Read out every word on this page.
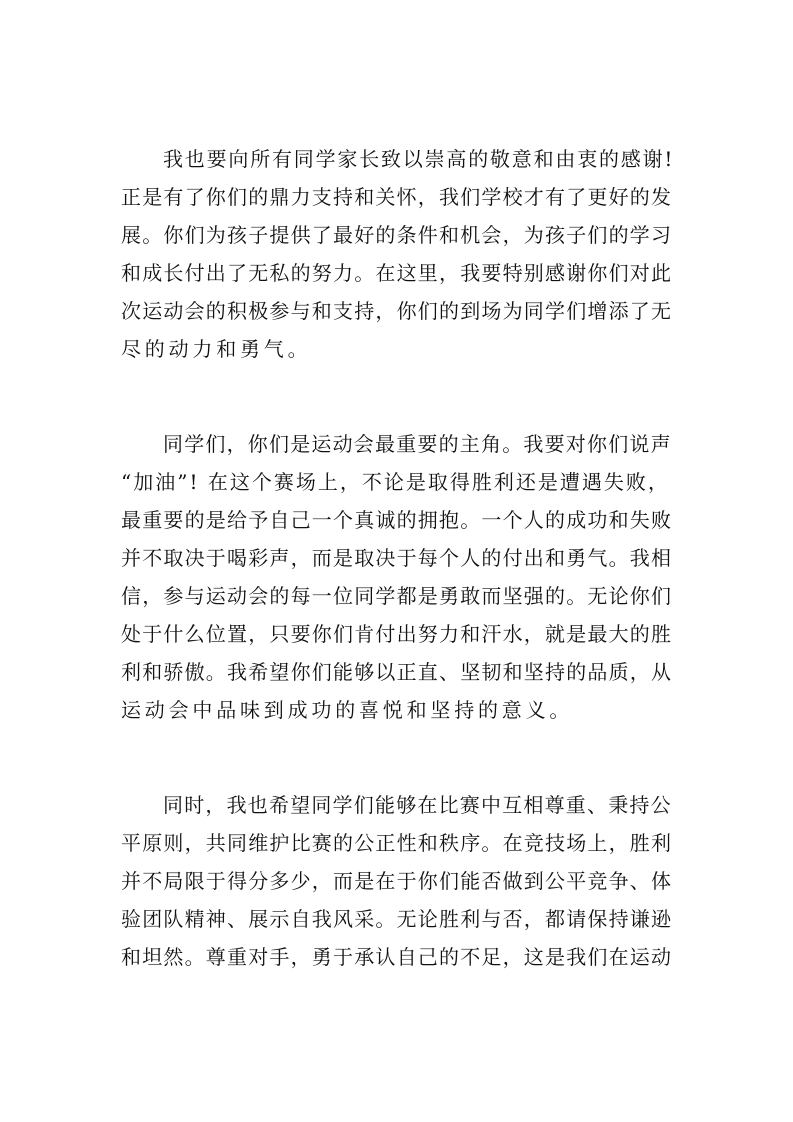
我也要向所有同学家长致以崇高的敬意和由衷的感谢!
正是有了你们的鼎力支持和关怀，我们学校才有了更好的发
展。你们为孩子提供了最好的条件和机会，为孩子们的学习
和成长付出了无私的努力。在这里，我要特别感谢你们对此
次运动会的积极参与和支持，你们的到场为同学们增添了无
尽的动力和勇气。
同学们，你们是运动会最重要的主角。我要对你们说声
“加油”! 在这个赛场上，不论是取得胜利还是遭遇失败，
最重要的是给予自己一个真诚的拥抱。一个人的成功和失败
并不取决于喝彩声，而是取决于每个人的付出和勇气。我相
信，参与运动会的每一位同学都是勇敢而坚强的。无论你们
处于什么位置，只要你们肯付出努力和汗水，就是最大的胜
利和骄傲。我希望你们能够以正直、坚韧和坚持的品质，从
运动会中品味到成功的喜悦和坚持的意义。
同时，我也希望同学们能够在比赛中互相尊重、秉持公
平原则，共同维护比赛的公正性和秩序。在竞技场上，胜利
并不局限于得分多少，而是在于你们能否做到公平竞争、体
验团队精神、展示自我风采。无论胜利与否，都请保持谦逊
和坦然。尊重对手，勇于承认自己的不足，这是我们在运动
